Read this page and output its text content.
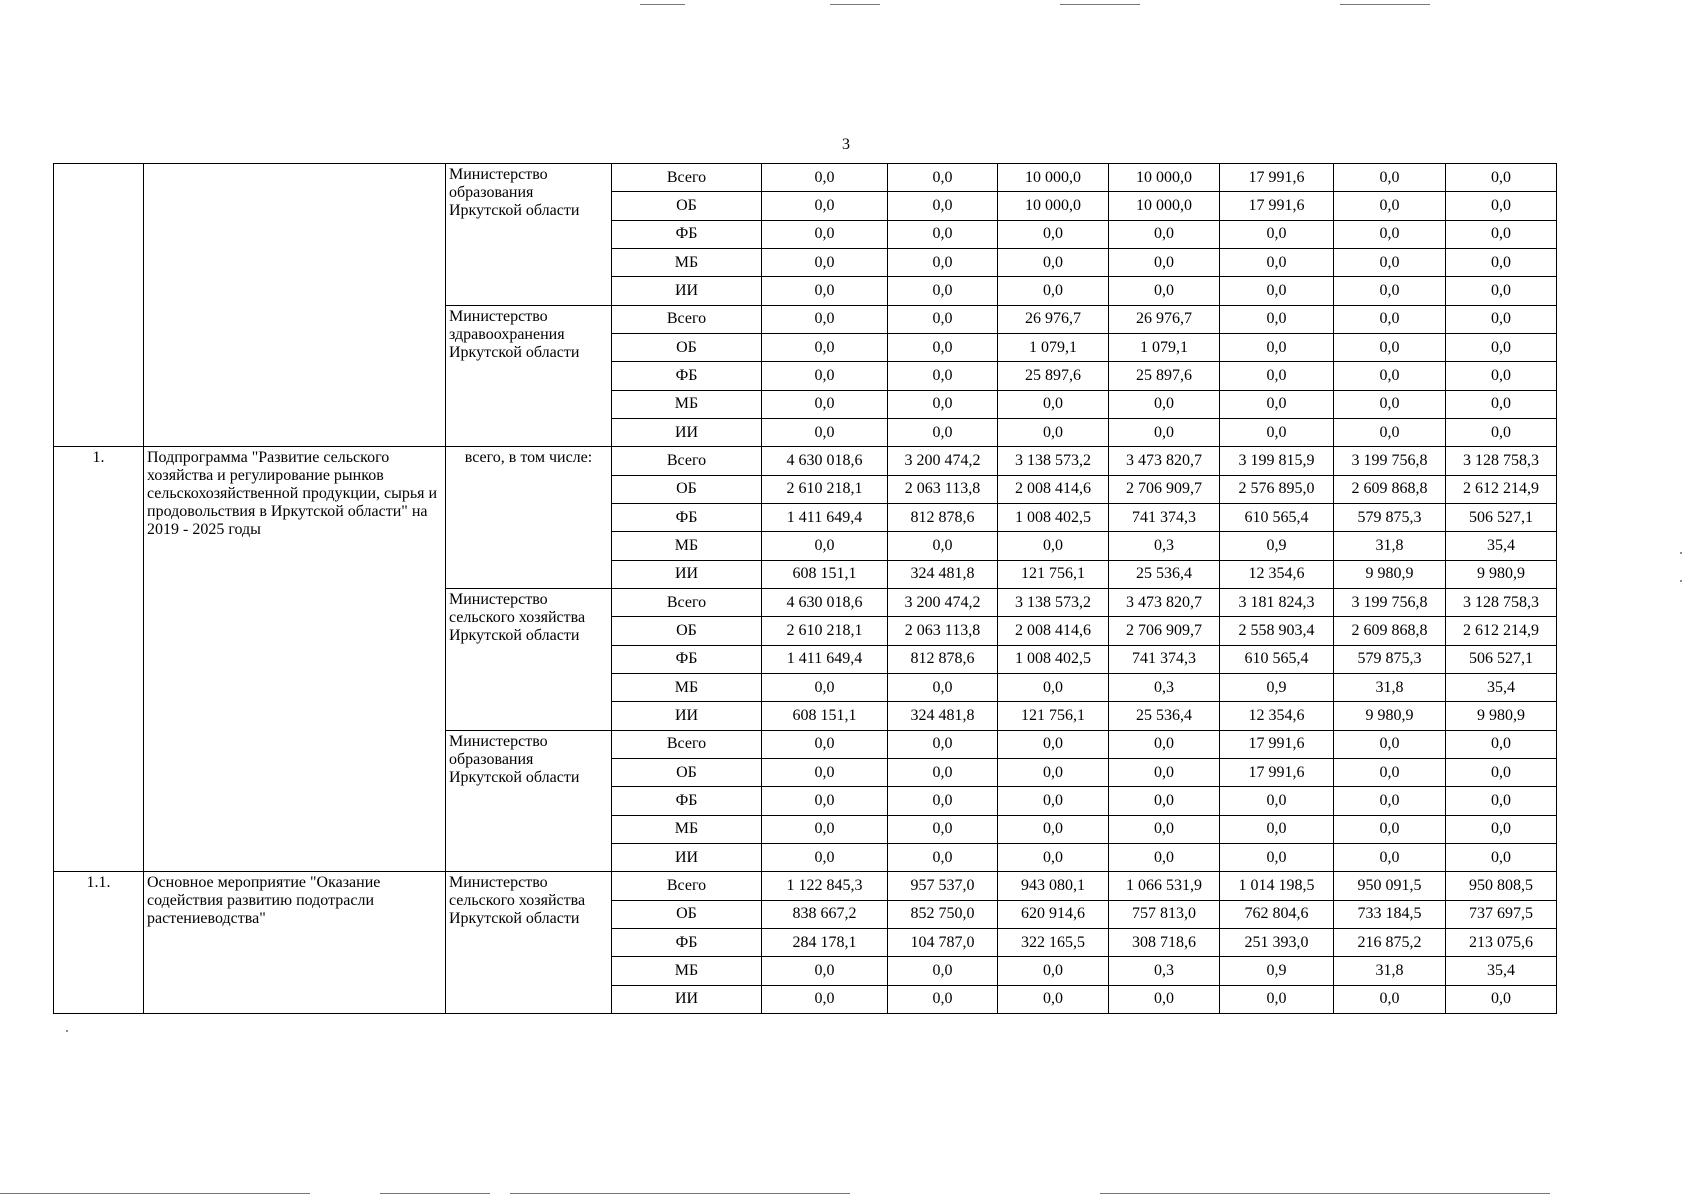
3
		Министерство образования Иркутской области	Всего	0,0	0,0	10 000,0	10 000,0	17 991,6	0,0	0,0
			ОБ	0,0	0,0	10 000,0	10 000,0	17 991,6	0,0	0,0
			ФБ	0,0	0,0	0,0	0,0	0,0	0,0	0,0
			МБ	0,0	0,0	0,0	0,0	0,0	0,0	0,0
			ИИ	0,0	0,0	0,0	0,0	0,0	0,0	0,0
		Министерство здравоохранения Иркутской области	Всего	0,0	0,0	26 976,7	26 976,7	0,0	0,0	0,0
			ОБ	0,0	0,0	1 079,1	1 079,1	0,0	0,0	0,0
			ФБ	0,0	0,0	25 897,6	25 897,6	0,0	0,0	0,0
			МБ	0,0	0,0	0,0	0,0	0,0	0,0	0,0
			ИИ	0,0	0,0	0,0	0,0	0,0	0,0	0,0
1.	Подпрограмма "Развитие сельского хозяйства и регулирование рынков сельскохозяйственной продукции, сырья и продовольствия в Иркутской области" на 2019 - 2025 годы	всего, в том числе:	Всего	4 630 018,6	3 200 474,2	3 138 573,2	3 473 820,7	3 199 815,9	3 199 756,8	3 128 758,3
			ОБ	2 610 218,1	2 063 113,8	2 008 414,6	2 706 909,7	2 576 895,0	2 609 868,8	2 612 214,9
			ФБ	1 411 649,4	812 878,6	1 008 402,5	741 374,3	610 565,4	579 875,3	506 527,1
			МБ	0,0	0,0	0,0	0,3	0,9	31,8	35,4
			ИИ	608 151,1	324 481,8	121 756,1	25 536,4	12 354,6	9 980,9	9 980,9
		Министерство сельского хозяйства Иркутской области	Всего	4 630 018,6	3 200 474,2	3 138 573,2	3 473 820,7	3 181 824,3	3 199 756,8	3 128 758,3
			ОБ	2 610 218,1	2 063 113,8	2 008 414,6	2 706 909,7	2 558 903,4	2 609 868,8	2 612 214,9
			ФБ	1 411 649,4	812 878,6	1 008 402,5	741 374,3	610 565,4	579 875,3	506 527,1
			МБ	0,0	0,0	0,0	0,3	0,9	31,8	35,4
			ИИ	608 151,1	324 481,8	121 756,1	25 536,4	12 354,6	9 980,9	9 980,9
		Министерство образования Иркутской области	Всего	0,0	0,0	0,0	0,0	17 991,6	0,0	0,0
			ОБ	0,0	0,0	0,0	0,0	17 991,6	0,0	0,0
			ФБ	0,0	0,0	0,0	0,0	0,0	0,0	0,0
			МБ	0,0	0,0	0,0	0,0	0,0	0,0	0,0
			ИИ	0,0	0,0	0,0	0,0	0,0	0,0	0,0
1.1.	Основное мероприятие "Оказание содействия развитию подотрасли растениеводства"	Министерство сельского хозяйства Иркутской области	Всего	1 122 845,3	957 537,0	943 080,1	1 066 531,9	1 014 198,5	950 091,5	950 808,5
			ОБ	838 667,2	852 750,0	620 914,6	757 813,0	762 804,6	733 184,5	737 697,5
			ФБ	284 178,1	104 787,0	322 165,5	308 718,6	251 393,0	216 875,2	213 075,6
			МБ	0,0	0,0	0,0	0,3	0,9	31,8	35,4
			ИИ	0,0	0,0	0,0	0,0	0,0	0,0	0,0
